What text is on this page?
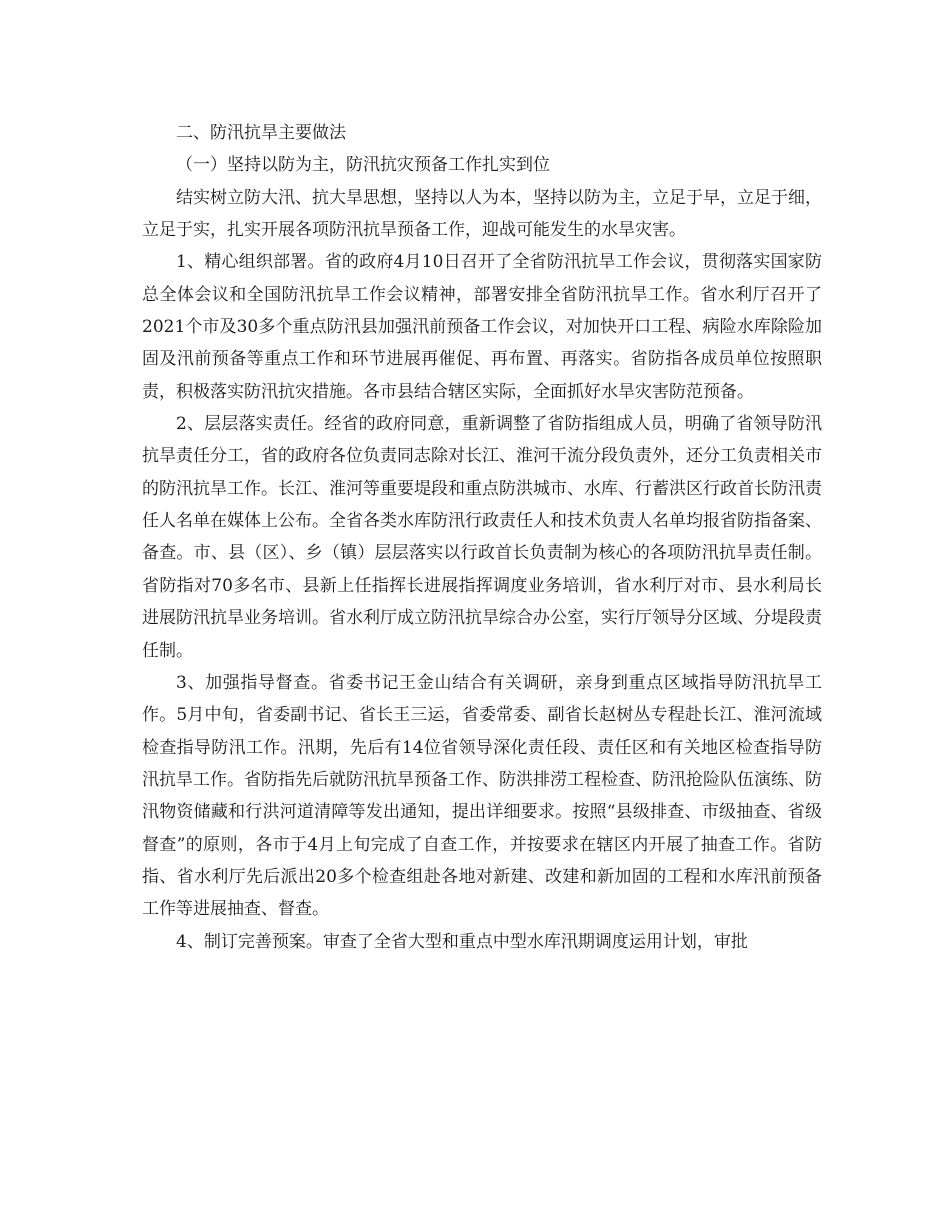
二、防汛抗旱主要做法

（一）坚持以防为主，防汛抗灾预备工作扎实到位

结实树立防大汛、抗大旱思想，坚持以人为本，坚持以防为主，立足于早，立足于细，立足于实，扎实开展各项防汛抗旱预备工作，迎战可能发生的水旱灾害。

1、精心组织部署。省的政府4月10日召开了全省防汛抗旱工作会议，贯彻落实国家防总全体会议和全国防汛抗旱工作会议精神，部署安排全省防汛抗旱工作。省水利厅召开了2021个市及30多个重点防汛县加强汛前预备工作会议，对加快开口工程、病险水库除险加固及汛前预备等重点工作和环节进展再催促、再布置、再落实。省防指各成员单位按照职责，积极落实防汛抗灾措施。各市县结合辖区实际，全面抓好水旱灾害防范预备。

2、层层落实责任。经省的政府同意，重新调整了省防指组成人员，明确了省领导防汛抗旱责任分工，省的政府各位负责同志除对长江、淮河干流分段负责外，还分工负责相关市的防汛抗旱工作。长江、淮河等重要堤段和重点防洪城市、水库、行蓄洪区行政首长防汛责任人名单在媒体上公布。全省各类水库防汛行政责任人和技术负责人名单均报省防指备案、备查。市、县（区）、乡（镇）层层落实以行政首长负责制为核心的各项防汛抗旱责任制。省防指对70多名市、县新上任指挥长进展指挥调度业务培训，省水利厅对市、县水利局长进展防汛抗旱业务培训。省水利厅成立防汛抗旱综合办公室，实行厅领导分区域、分堤段责任制。

3、加强指导督查。省委书记王金山结合有关调研，亲身到重点区域指导防汛抗旱工作。5月中旬，省委副书记、省长王三运，省委常委、副省长赵树丛专程赴长江、淮河流域检查指导防汛工作。汛期，先后有14位省领导深化责任段、责任区和有关地区检查指导防汛抗旱工作。省防指先后就防汛抗旱预备工作、防洪排涝工程检查、防汛抢险队伍演练、防汛物资储藏和行洪河道清障等发出通知，提出详细要求。按照“县级排查、市级抽查、省级督查”的原则，各市于4月上旬完成了自查工作，并按要求在辖区内开展了抽查工作。省防指、省水利厅先后派出20多个检查组赴各地对新建、改建和新加固的工程和水库汛前预备工作等进展抽查、督查。

4、制订完善预案。审查了全省大型和重点中型水库汛期调度运用计划，审批
